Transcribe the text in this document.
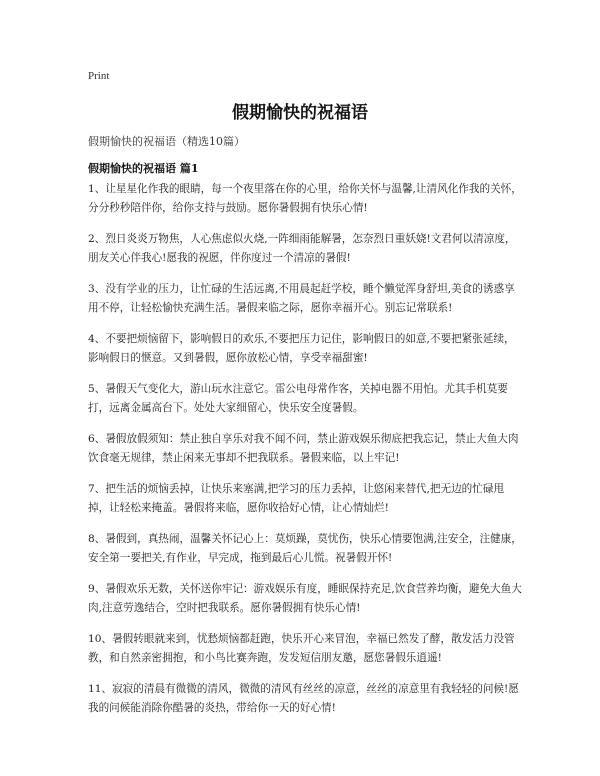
Print
假期愉快的祝福语
假期愉快的祝福语（精选10篇）
假期愉快的祝福语 篇1
1、让星星化作我的眼睛，每一个夜里落在你的心里，给你关怀与温馨,让清风化作我的关怀，分分秒秒陪伴你，给你支持与鼓励。愿你暑假拥有快乐心情!
2、烈日炎炎万物焦，人心焦虑似火烧,一阵细雨能解暑，怎奈烈日重妖娆!文君何以清凉度，朋友关心伴我心!愿我的祝愿，伴你度过一个清凉的暑假!
3、没有学业的压力，让忙碌的生活远离,不用晨起赶学校，睡个懒觉浑身舒坦,美食的诱惑享用不停，让轻松愉快充满生活。暑假来临之际，愿你幸福开心。别忘记常联系!
4、不要把烦恼留下，影响假日的欢乐,不要把压力记住，影响假日的如意,不要把紧张延续，影响假日的惬意。又到暑假，愿你放松心情，享受幸福甜蜜!
5、暑假天气变化大，游山玩水注意它。雷公电母常作客，关掉电器不用怕。尤其手机莫要打，远离金属高台下。处处大家细留心，快乐安全度暑假。
6、暑假放假须知：禁止独自享乐对我不闻不问，禁止游戏娱乐彻底把我忘记，禁止大鱼大肉饮食毫无规律，禁止闲来无事却不把我联系。暑假来临，以上牢记!
7、把生活的烦恼丢掉，让快乐来塞满,把学习的压力丢掉，让悠闲来替代,把无边的忙碌甩掉，让轻松来掩盖。暑假将来临，愿你收拾好心情，让心情灿烂!
8、暑假到，真热闹，温馨关怀记心上：莫烦躁，莫忧伤，快乐心情要饱满,注安全，注健康，安全第一要把关,有作业，早完成，拖到最后心儿慌。祝暑假开怀!
9、暑假欢乐无数，关怀送你牢记：游戏娱乐有度，睡眠保持充足,饮食营养均衡，避免大鱼大肉,注意劳逸结合，空时把我联系。愿你暑假拥有快乐心情!
10、暑假转眼就来到，忧愁烦恼都赶跑，快乐开心来冒泡，幸福已然发了酵，散发活力没管教，和自然亲密拥抱，和小鸟比赛奔跑，发发短信朋友邀，愿您暑假乐逍遥!
11、寂寂的清晨有微微的清风，微微的清风有丝丝的凉意，丝丝的凉意里有我轻轻的问候!愿我的问候能消除你酷暑的炎热，带给你一天的好心情!
